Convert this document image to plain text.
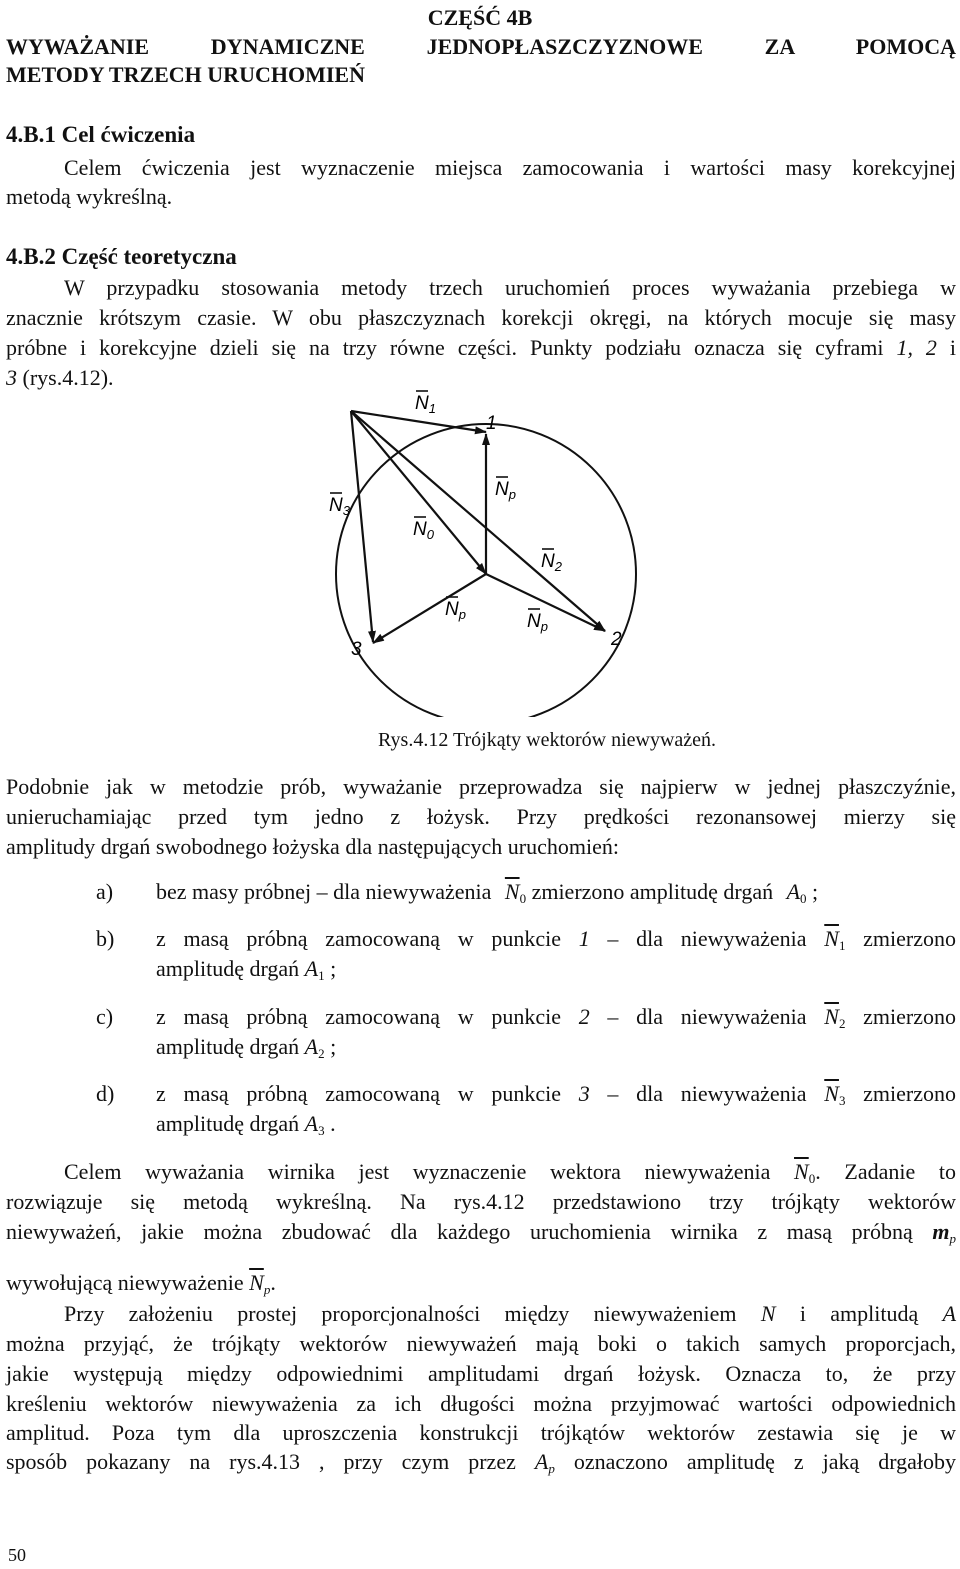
CZĘŚĆ 4B
WYWAŻANIE DYNAMICZNE JEDNOPŁASZCZYZNOWE ZA POMOCĄ
METODY TRZECH URUCHOMIEŃ
4.B.1 Cel ćwiczenia
Celem ćwiczenia jest wyznaczenie miejsca zamocowania i wartości masy korekcyjnej
metodą wykreślną.
4.B.2 Część teoretyczna
W przypadku stosowania metody trzech uruchomień proces wyważania przebiega w
znacznie krótszym czasie. W obu płaszczyznach korekcji okręgi, na których mocuje się masy
próbne i korekcyjne dzieli się na trzy równe części. Punkty podziału oznacza się cyframi 1, 2 i
3 (rys.4.12).
$N_1$
1
$N_p$
$N_3$
$N_0$
$N_2$
$N_p$	$N_p$
2
3
Rys.4.12 Trójkąty wektorów niewyważeń.
Podobnie jak w metodzie prób, wyważanie przeprowadza się najpierw w jednej płaszczyźnie,
unieruchamiając przed tym jedno z łożysk. Przy prędkości rezonansowej mierzy się
amplitudy drgań swobodnego łożyska dla następujących uruchomień:
a) bez masy próbnej – dla niewyważenia $\overline{N}_0$ zmierzono amplitudę drgań $A_0$ ;
b) z masą próbną zamocowaną w punkcie 1 – dla niewyważenia $\overline{N}_1$ zmierzono
amplitudę drgań $A_1$ ;
c) z masą próbną zamocowaną w punkcie 2 – dla niewyważenia $\overline{N}_2$ zmierzono
amplitudę drgań $A_2$ ;
d) z masą próbną zamocowaną w punkcie 3 – dla niewyważenia $\overline{N}_3$ zmierzono
amplitudę drgań $A_3$ .
Celem wyważania wirnika jest wyznaczenie wektora niewyważenia $\overline{N}_0$. Zadanie to
rozwiązuje się metodą wykreślną. Na rys.4.12 przedstawiono trzy trójkąty wektorów
niewyważeń, jakie można zbudować dla każdego uruchomienia wirnika z masą próbną $m_p$
wywołującą niewyważenie $\overline{N}_p$.
Przy założeniu prostej proporcjonalności między niewyważeniem N i amplitudą A
można przyjąć, że trójkąty wektorów niewyważeń mają boki o takich samych proporcjach,
jakie występują między odpowiednimi amplitudami drgań łożysk. Oznacza to, że przy
kreśleniu wektorów niewyważenia za ich długości można przyjmować wartości odpowiednich
amplitud. Poza tym dla uproszczenia konstrukcji trójkątów wektorów zestawia się je w
sposób pokazany na rys.4.13 , przy czym przez $A_p$ oznaczono amplitudę z jaką drgałoby
50
